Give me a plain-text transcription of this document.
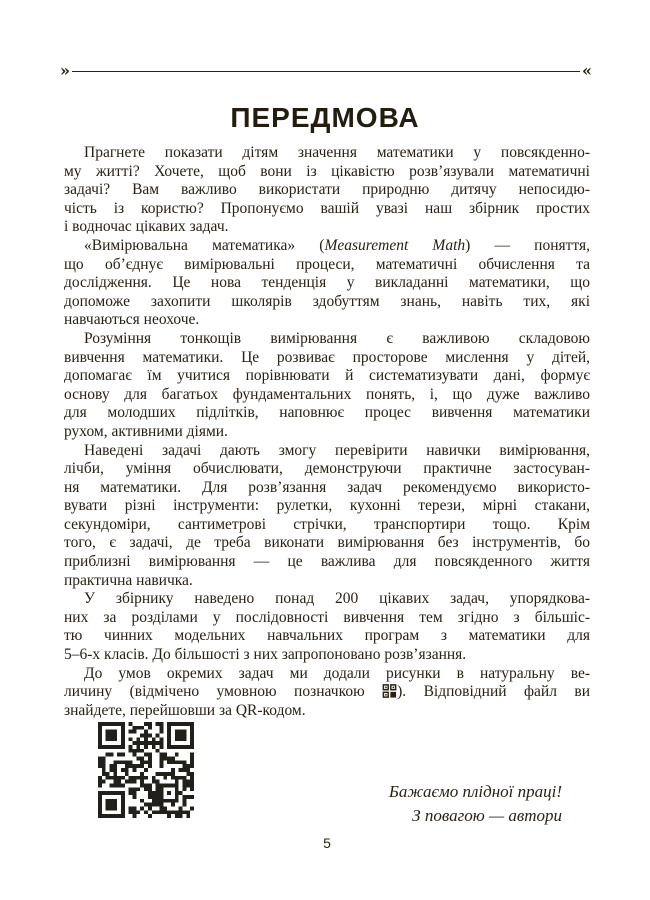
»	«
ПЕРЕДМОВА
Прагнете показати дітям значення математики у повсякденно-
му житті? Хочете, щоб вони із цікавістю розв’язували математичні
задачі? Вам важливо використати природню дитячу непосидю-
чість із користю? Пропонуємо вашій увазі наш збірник простих
і водночас цікавих задач.
«Вимірювальна математика» (Measurement Math) — поняття,
що об’єднує вимірювальні процеси, математичні обчислення та
дослідження. Це нова тенденція у викладанні математики, що
допоможе захопити школярів здобуттям знань, навіть тих, які
навчаються неохоче.
Розуміння тонкощів вимірювання є важливою складовою
вивчення математики. Це розвиває просторове мислення у дітей,
допомагає їм учитися порівнювати й систематизувати дані, формує
основу для багатьох фундаментальних понять, і, що дуже важливо
для молодших підлітків, наповнює процес вивчення математики
рухом, активними діями.
Наведені задачі дають змогу перевірити навички вимірювання,
лічби, уміння обчислювати, демонструючи практичне застосуван-
ня математики. Для розв’язання задач рекомендуємо використо-
вувати різні інструменти: рулетки, кухонні терези, мірні стакани,
секундоміри, сантиметрові стрічки, транспортири тощо. Крім
того, є задачі, де треба виконати вимірювання без інструментів, бо
приблизні вимірювання — це важлива для повсякденного життя
практична навичка.
У збірнику наведено понад 200 цікавих задач, упорядкова-
них за розділами у послідовності вивчення тем згідно з більшіс-
тю чинних модельних навчальних програм з математики для
5–6-х класів. До більшості з них запропоновано розв’язання.
До умов окремих задач ми додали рисунки в натуральну ве-
личину (відмічено умовною позначкою ). Відповідний файл ви
знайдете, перейшовши за QR-кодом.
Бажаємо плідної праці!
З повагою — автори
5
